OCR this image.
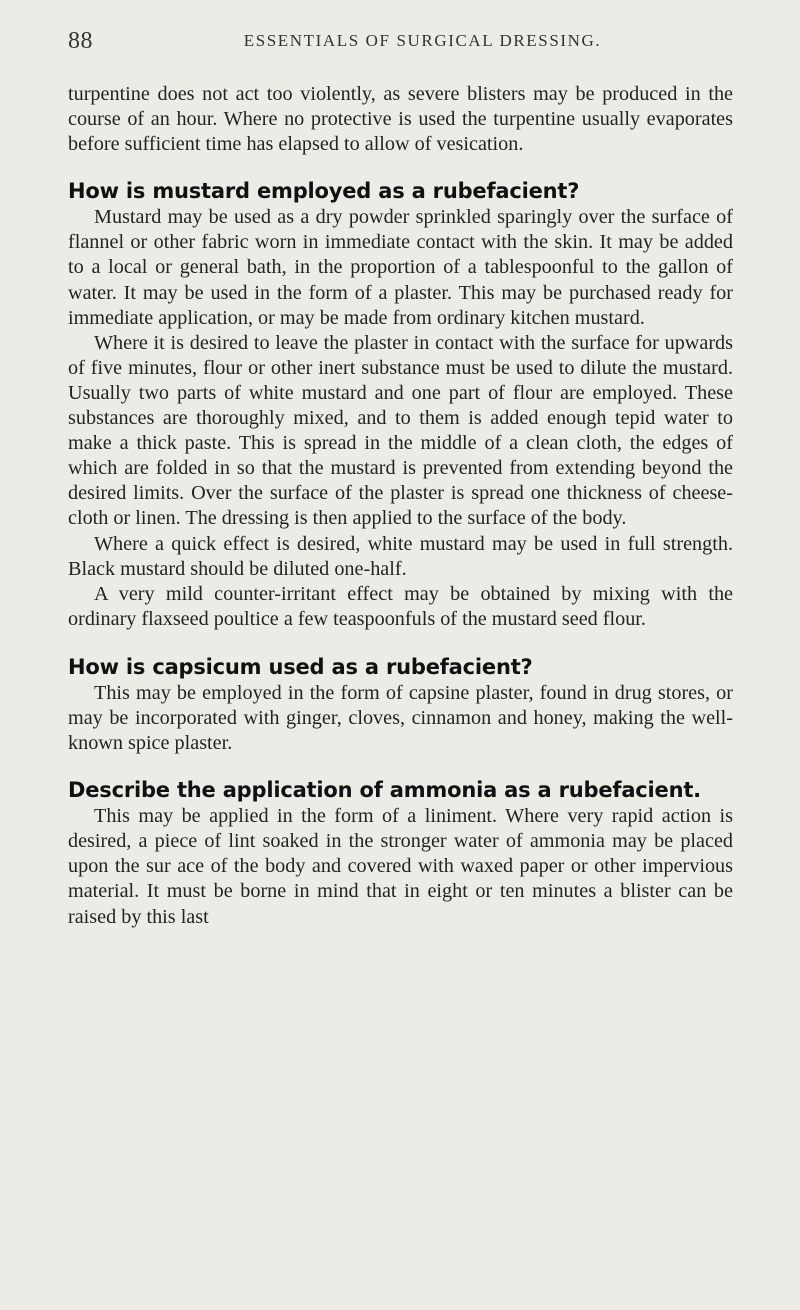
88	ESSENTIALS OF SURGICAL DRESSING.

turpentine does not act too violently, as severe blisters may be produced in the course of an hour. Where no protective is used the turpentine usually evaporates before sufficient time has elapsed to allow of vesication.

How is mustard employed as a rubefacient?

Mustard may be used as a dry powder sprinkled sparingly over the surface of flannel or other fabric worn in immediate contact with the skin. It may be added to a local or general bath, in the proportion of a tablespoonful to the gallon of water. It may be used in the form of a plaster. This may be purchased ready for immediate application, or may be made from ordinary kitchen mustard.

Where it is desired to leave the plaster in contact with the surface for upwards of five minutes, flour or other inert substance must be used to dilute the mustard. Usually two parts of white mustard and one part of flour are employed. These substances are thoroughly mixed, and to them is added enough tepid water to make a thick paste. This is spread in the middle of a clean cloth, the edges of which are folded in so that the mustard is prevented from extending beyond the desired limits. Over the surface of the plaster is spread one thickness of cheese-cloth or linen. The dressing is then applied to the surface of the body.

Where a quick effect is desired, white mustard may be used in full strength. Black mustard should be diluted one-half.

A very mild counter-irritant effect may be obtained by mixing with the ordinary flaxseed poultice a few teaspoonfuls of the mustard seed flour.

How is capsicum used as a rubefacient?

This may be employed in the form of capsine plaster, found in drug stores, or may be incorporated with ginger, cloves, cinnamon and honey, making the well-known spice plaster.

Describe the application of ammonia as a rubefacient.

This may be applied in the form of a liniment. Where very rapid action is desired, a piece of lint soaked in the stronger water of ammonia may be placed upon the sur ace of the body and covered with waxed paper or other impervious material. It must be borne in mind that in eight or ten minutes a blister can be raised by this last
